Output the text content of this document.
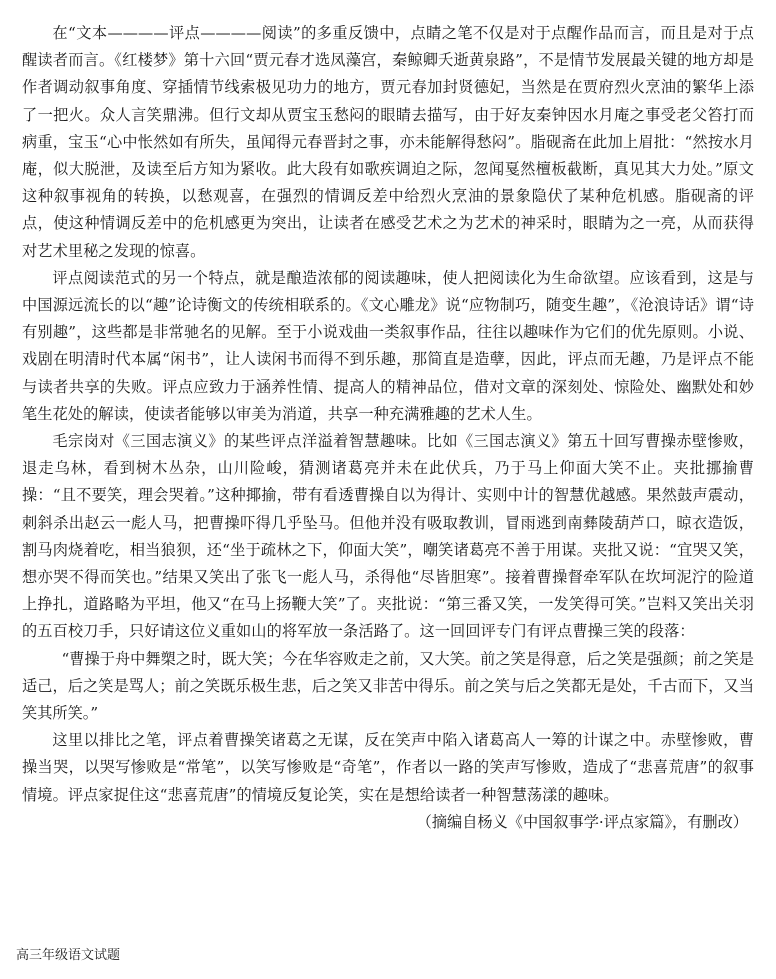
在“文本————评点————阅读”的多重反馈中，点睛之笔不仅是对于点醒作品而言，而且是对于点醒读者而言。《红楼梦》第十六回“贾元春才选凤藻宫，秦鲸卿夭逝黄泉路”，不是情节发展最关键的地方却是作者调动叙事角度、穿插情节线索极见功力的地方，贾元春加封贤德妃，当然是在贾府烈火烹油的繁华上添了一把火。众人言笑鼎沸。但行文却从贾宝玉愁闷的眼睛去描写，由于好友秦钟因水月庵之事受老父笞打而病重，宝玉“心中怅然如有所失，虽闻得元春晋封之事，亦未能解得愁闷”。脂砚斋在此加上眉批：“然按水月庵，似大脱泄，及读至后方知为紧收。此大段有如歌疾调迫之际，忽闻戛然檀板截断，真见其大力处。”原文这种叙事视角的转换，以愁观喜，在强烈的情调反差中给烈火烹油的景象隐伏了某种危机感。脂砚斋的评点，使这种情调反差中的危机感更为突出，让读者在感受艺术之为艺术的神采时，眼睛为之一亮，从而获得对艺术里秘之发现的惊喜。

评点阅读范式的另一个特点，就是酿造浓郁的阅读趣味，使人把阅读化为生命欲望。应该看到，这是与中国源远流长的以“趣”论诗衡文的传统相联系的。《文心雕龙》说“应物制巧，随变生趣”，《沧浪诗话》谓“诗有别趣”，这些都是非常驰名的见解。至于小说戏曲一类叙事作品，往往以趣味作为它们的优先原则。小说、戏剧在明清时代本属“闲书”，让人读闲书而得不到乐趣，那简直是造孽，因此，评点而无趣，乃是评点不能与读者共享的失败。评点应致力于涵养性情、提高人的精神品位，借对文章的深刻处、惊险处、幽默处和妙笔生花处的解读，使读者能够以审美为消道，共享一种充满雅趣的艺术人生。

毛宗岗对《三国志演义》的某些评点洋溢着智慧趣味。比如《三国志演义》第五十回写曹操赤壁惨败，退走乌林，看到树木丛杂，山川险峻，猜测诸葛亮并未在此伏兵，乃于马上仰面大笑不止。夹批挪揄曹操：“且不要笑，理会哭着。”这种揶揄，带有看透曹操自以为得计、实则中计的智慧优越感。果然鼓声震动，刺斜杀出赵云一彪人马，把曹操吓得几乎坠马。但他并没有吸取教训，冒雨逃到南彝陵葫芦口，晾衣造饭，割马肉烧着吃，相当狼狈，还“坐于疏林之下，仰面大笑”，嘲笑诸葛亮不善于用谋。夹批又说：“宜哭又笑，想亦哭不得而笑也。”结果又笑出了张飞一彪人马，杀得他“尽皆胆寒”。接着曹操督牵军队在坎坷泥泞的险道上挣扎，道路略为平坦，他又“在马上扬鞭大笑”了。夹批说：“第三番又笑，一发笑得可笑。”岂料又笑出关羽的五百校刀手，只好请这位义重如山的将军放一条活路了。这一回回评专门有评点曹操三笑的段落：

“曹操于舟中舞槊之时，既大笑；今在华容败走之前，又大笑。前之笑是得意，后之笑是强颜；前之笑是适己，后之笑是骂人；前之笑既乐极生悲，后之笑又非苦中得乐。前之笑与后之笑都无是处，千古而下，又当笑其所笑。”

这里以排比之笔，评点着曹操笑诸葛之无谋，反在笑声中陷入诸葛高人一筹的计谋之中。赤壁惨败，曹操当哭，以哭写惨败是“常笔”，以笑写惨败是“奇笔”，作者以一路的笑声写惨败，造成了“悲喜荒唐”的叙事情境。评点家捉住这“悲喜荒唐”的情境反复论笑，实在是想给读者一种智慧荡漾的趣味。

（摘编自杨义《中国叙事学·评点家篇》，有删改）

高三年级语文试题
